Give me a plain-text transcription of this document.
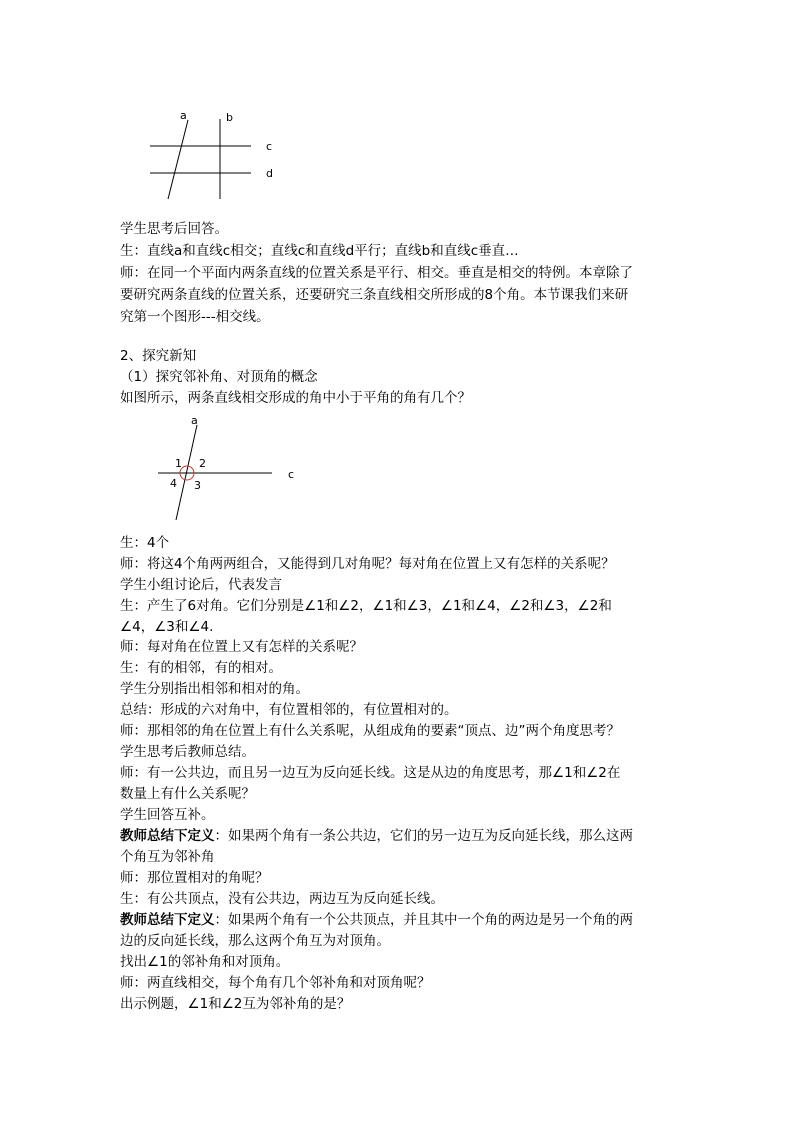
a	b
c
d
学生思考后回答。
生：直线a和直线c相交；直线c和直线d平行；直线b和直线c垂直…
师：在同一个平面内两条直线的位置关系是平行、相交。垂直是相交的特例。本章除了
要研究两条直线的位置关系，还要研究三条直线相交所形成的8个角。本节课我们来研
究第一个图形---相交线。
2、探究新知
（1）探究邻补角、对顶角的概念
如图所示，两条直线相交形成的角中小于平角的角有几个？
a
c
1 2
3
4
生：4个
师：将这4个角两两组合，又能得到几对角呢？每对角在位置上又有怎样的关系呢？
学生小组讨论后，代表发言
生：产生了6对角。它们分别是∠1和∠2，∠1和∠3，∠1和∠4，∠2和∠3，∠2和
∠4，∠3和∠4.
师：每对角在位置上又有怎样的关系呢？
生：有的相邻，有的相对。
学生分别指出相邻和相对的角。
总结：形成的六对角中，有位置相邻的，有位置相对的。
师：那相邻的角在位置上有什么关系呢，从组成角的要素“顶点、边”两个角度思考？
学生思考后教师总结。
师：有一公共边，而且另一边互为反向延长线。这是从边的角度思考，那∠1和∠2在
数量上有什么关系呢？
学生回答互补。
教师总结下定义：如果两个角有一条公共边，它们的另一边互为反向延长线，那么这两
个角互为邻补角
师：那位置相对的角呢？
生：有公共顶点，没有公共边，两边互为反向延长线。
教师总结下定义：如果两个角有一个公共顶点，并且其中一个角的两边是另一个角的两
边的反向延长线，那么这两个角互为对顶角。
找出∠1的邻补角和对顶角。
师：两直线相交，每个角有几个邻补角和对顶角呢？
出示例题，∠1和∠2互为邻补角的是？
